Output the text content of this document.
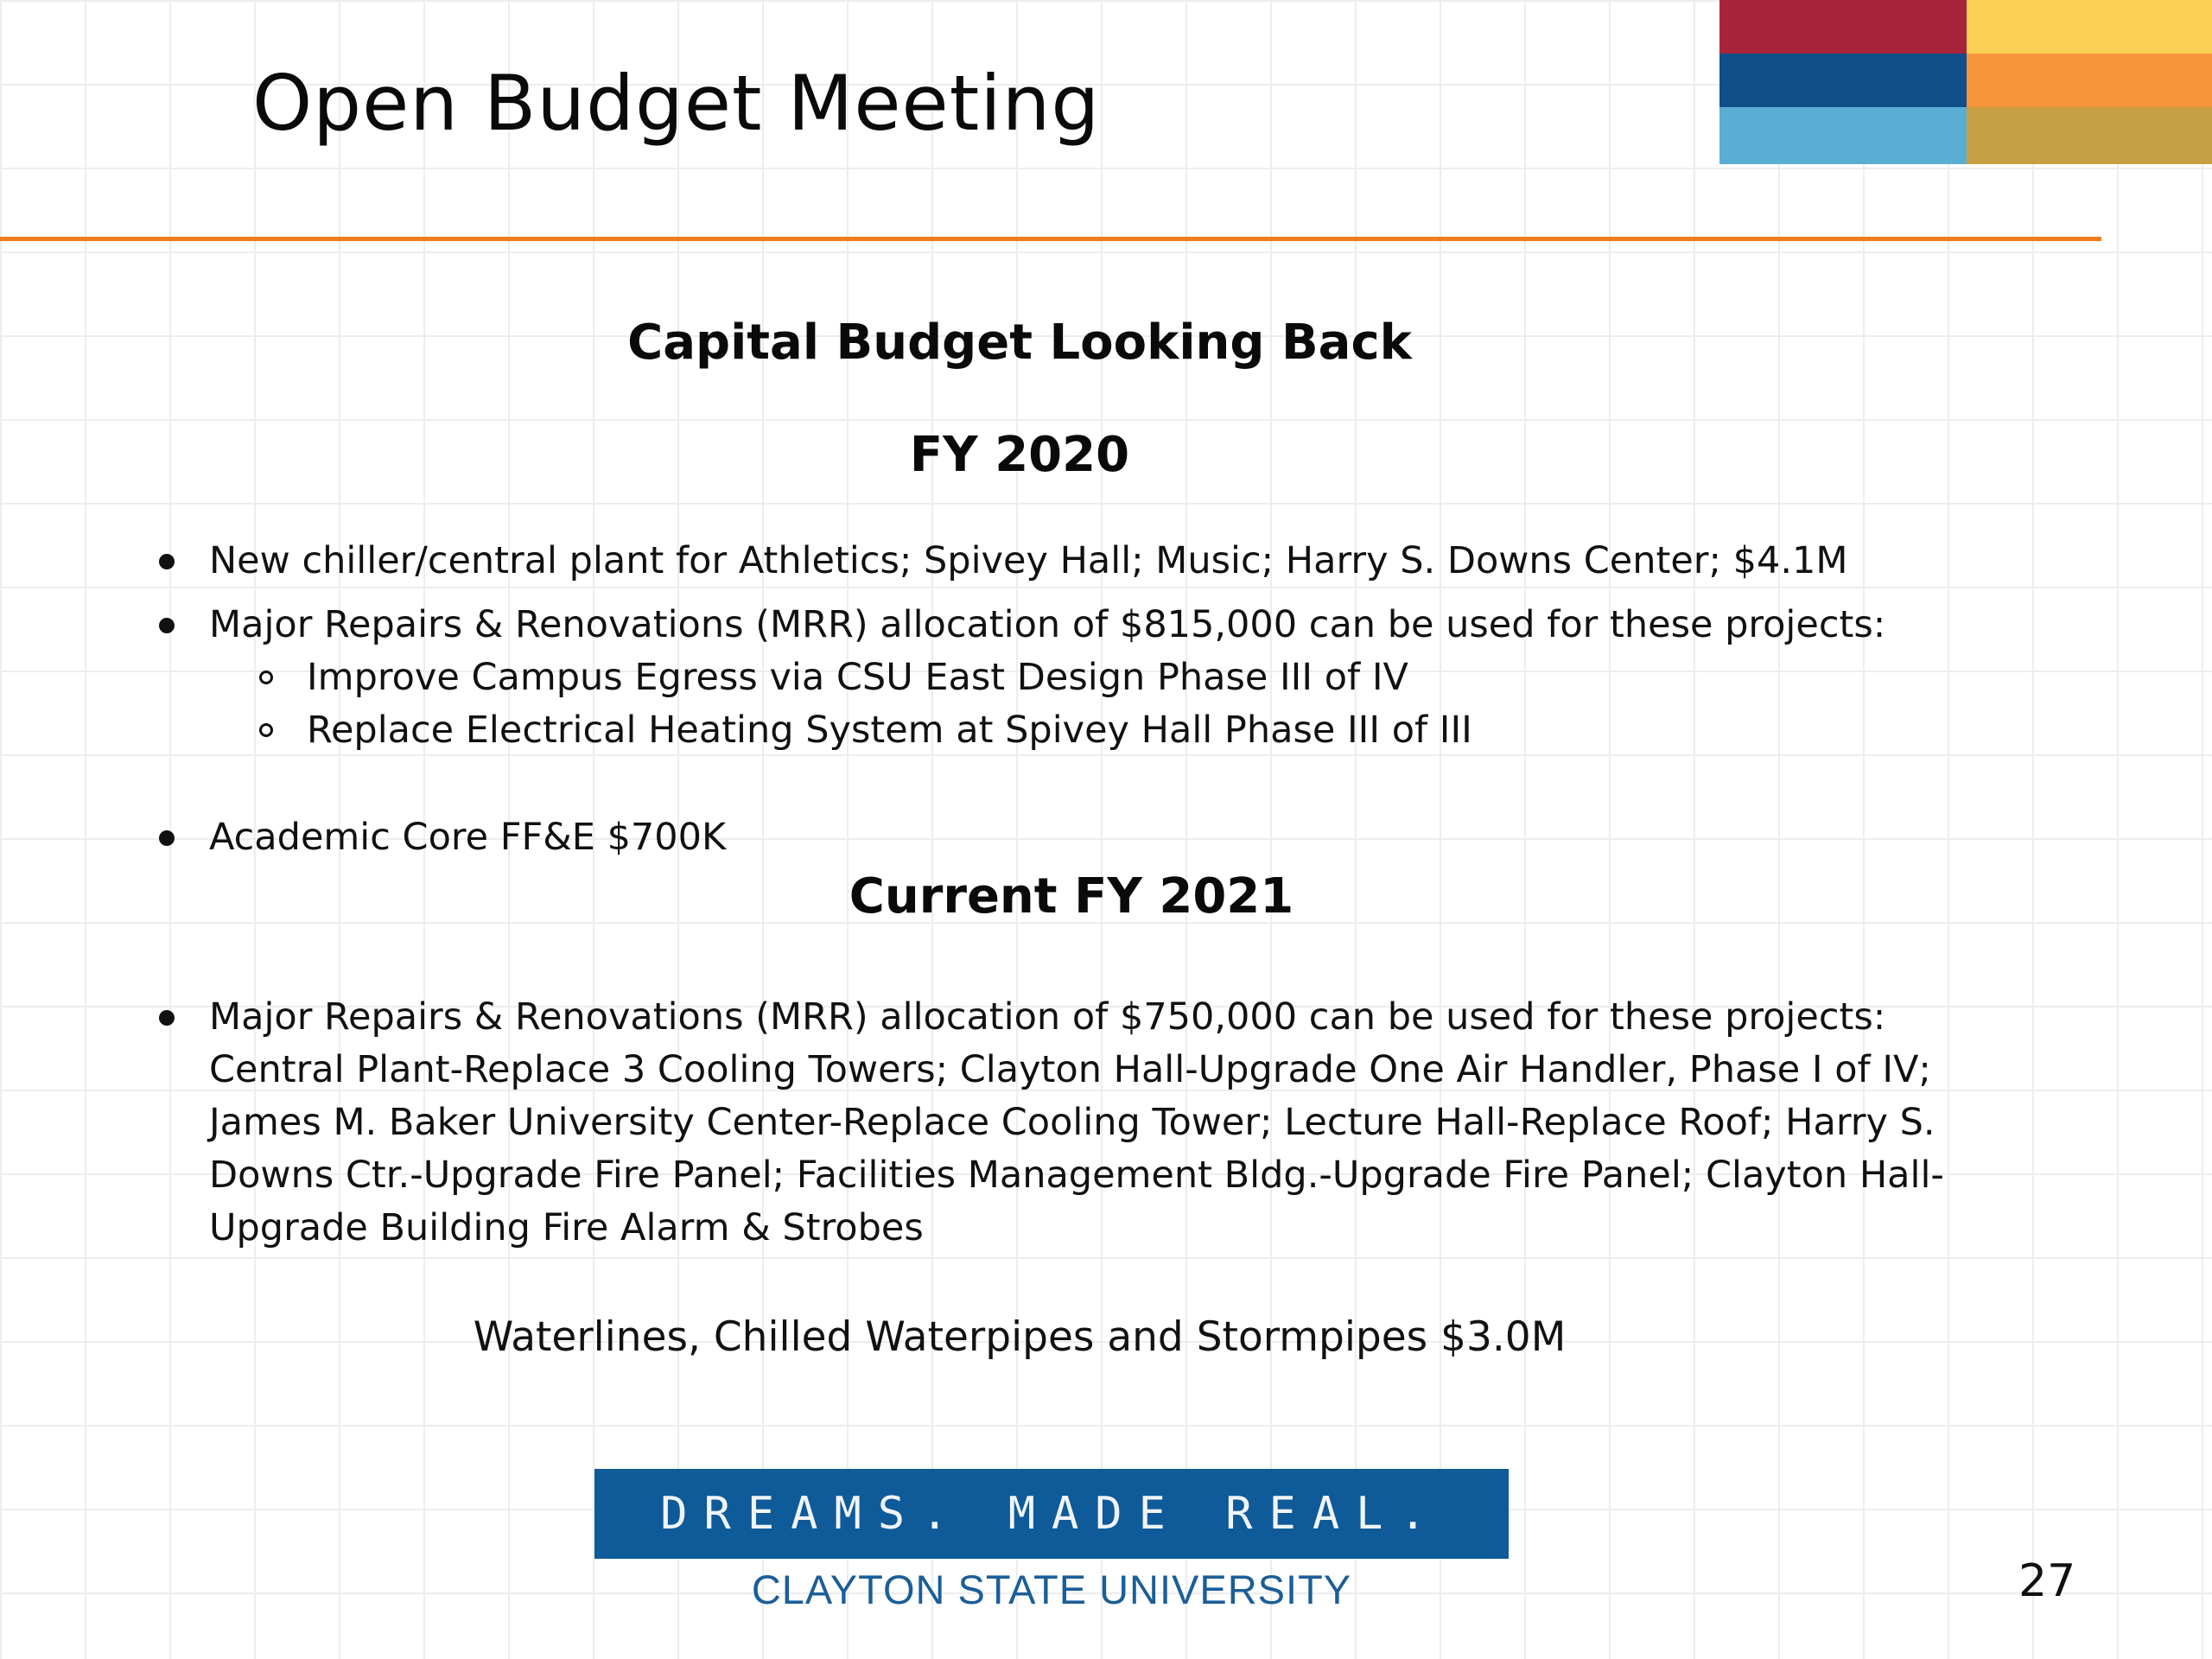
Open Budget Meeting
Capital Budget Looking Back
FY 2020
New chiller/central plant for Athletics; Spivey Hall; Music; Harry S. Downs Center; $4.1M
Major Repairs & Renovations (MRR) allocation of $815,000 can be used for these projects:
Improve Campus Egress via CSU East Design Phase III of IV
Replace Electrical Heating System at Spivey Hall Phase III of III
Academic Core FF&E $700K
Current FY 2021
Major Repairs & Renovations (MRR) allocation of $750,000 can be used for these projects:
Central Plant-Replace 3 Cooling Towers; Clayton Hall-Upgrade One Air Handler, Phase I of IV;
James M. Baker University Center-Replace Cooling Tower; Lecture Hall-Replace Roof; Harry S.
Downs Ctr.-Upgrade Fire Panel; Facilities Management Bldg.-Upgrade Fire Panel; Clayton Hall-
Upgrade Building Fire Alarm & Strobes
Waterlines, Chilled Waterpipes and Stormpipes $3.0M
DREAMS. MADE REAL.
CLAYTON STATE UNIVERSITY	27
